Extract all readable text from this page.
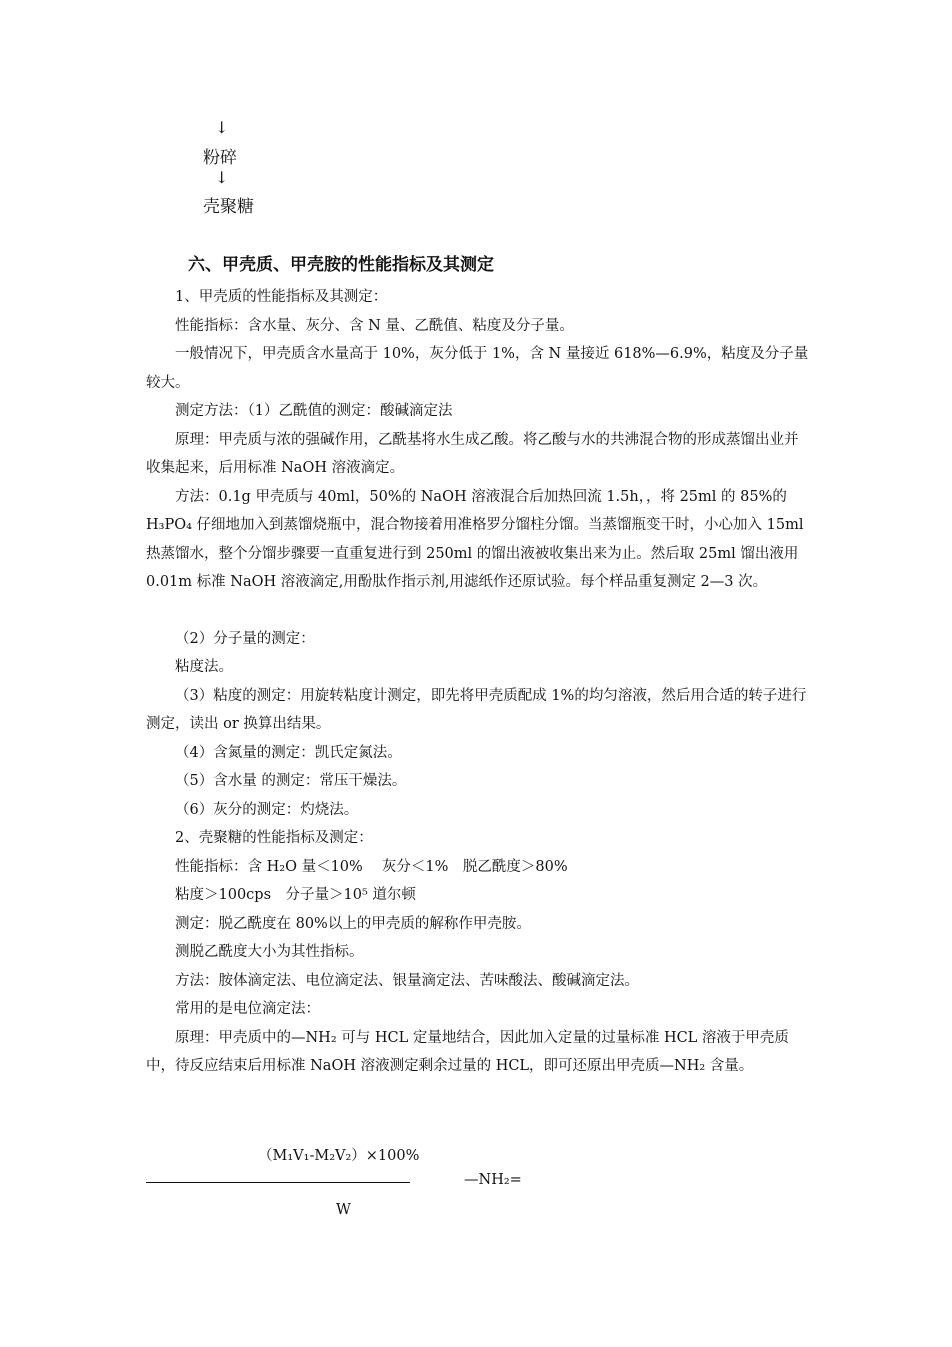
↓
粉碎
↓
壳聚糖
六、甲壳质、甲壳胺的性能指标及其测定

1、甲壳质的性能指标及其测定：

性能指标：含水量、灰分、含 N 量、乙酰值、粘度及分子量。

一般情况下，甲壳质含水量高于 10%，灰分低于 1%，含 N 量接近 618%—6.9%，粘度及分子量较大。

测定方法：（1）乙酰值的测定：酸碱滴定法

原理：甲壳质与浓的强碱作用，乙酰基将水生成乙酸。将乙酸与水的共沸混合物的形成蒸馏出业并收集起来，后用标准 NaOH 溶液滴定。

方法：0.1g 甲壳质与 40ml，50%的 NaOH 溶液混合后加热回流 1.5h，，将 25ml 的 85%的 H₃PO₄ 仔细地加入到蒸馏烧瓶中，混合物接着用准格罗分馏柱分馏。当蒸馏瓶变干时，小心加入 15ml 热蒸馏水，整个分馏步骤要一直重复进行到 250ml 的馏出液被收集出来为止。然后取 25ml 馏出液用 0.01m 标准 NaOH 溶液滴定,用酚肽作指示剂,用滤纸作还原试验。每个样品重复测定 2—3 次。

（2）分子量的测定：

粘度法。

（3）粘度的测定：用旋转粘度计测定，即先将甲壳质配成 1%的均匀溶液，然后用合适的转子进行测定，读出 or 换算出结果。

（4）含氮量的测定：凯氏定氮法。

（5）含水量 的测定：常压干燥法。

（6）灰分的测定：灼烧法。

2、壳聚糖的性能指标及测定：

性能指标：含 H₂O 量＜10%　 灰分＜1%　脱乙酰度＞80%

粘度＞100cps　分子量＞10⁵ 道尔顿

测定：脱乙酰度在 80%以上的甲壳质的解称作甲壳胺。

测脱乙酰度大小为其性指标。

方法：胺体滴定法、电位滴定法、银量滴定法、苦味酸法、酸碱滴定法。

常用的是电位滴定法：

原理：甲壳质中的—NH₂ 可与 HCL 定量地结合，因此加入定量的过量标准 HCL 溶液于甲壳质中，待反应结束后用标准 NaOH 溶液测定剩余过量的 HCL，即可还原出甲壳质—NH₂ 含量。

（M₁V₁-M₂V₂）×100%
—NH₂=
W
